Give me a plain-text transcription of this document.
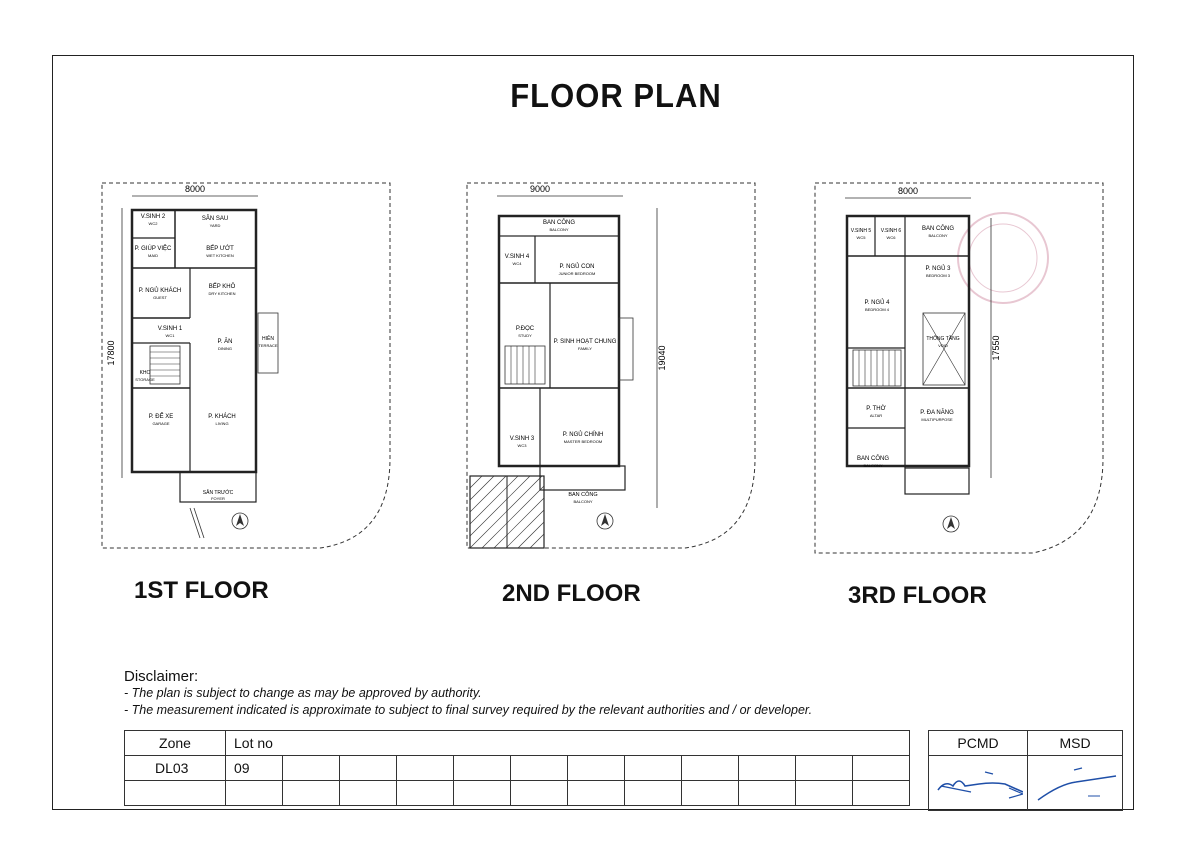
FLOOR PLAN
8000
17800
V.SINH 2
WC2
SÂN SAU
YARD
P. GIÚP VIỆC
MAID
BẾP ƯỚT
WET KITCHEN
P. NGỦ KHÁCH
GUEST
BẾP KHÔ
DRY KITCHEN
V.SINH 1
WC1
P. ĂN
DINING
HIÊN
TERRACE
KHO
STORAGE
P. ĐỂ XE
GARAGE
P. KHÁCH
LIVING
SÂN TRƯỚC
FOYER
1ST FLOOR
9000
19040
BAN CÔNG
BALCONY
V.SINH 4
WC4
P. NGỦ CON
JUNIOR BEDROOM
P.ĐỌC
STUDY
P. SINH HOẠT CHUNG
FAMILY
V.SINH 3
WC3
P. NGỦ CHÍNH
MASTER BEDROOM
BAN CÔNG
BALCONY
2ND FLOOR
8000
17550
V.SINH 5
WC5
V.SINH 6
WC6
BAN CÔNG
BALCONY
P. NGỦ 3
BEDROOM 3
P. NGỦ 4
BEDROOM 4
THÔNG TẦNG
VOID
P. THỜ
ALTAR	P. ĐA NĂNG
MULTIPURPOSE
BAN CÔNG
BALCONY
3RD FLOOR
Disclaimer:
- The plan is subject to change as may be approved by authority.
- The measurement indicated is approximate to subject to final survey required by the relevant authorities and / or developer.
Zone	Lot no											
DL03	09											

PCMD	MSD
